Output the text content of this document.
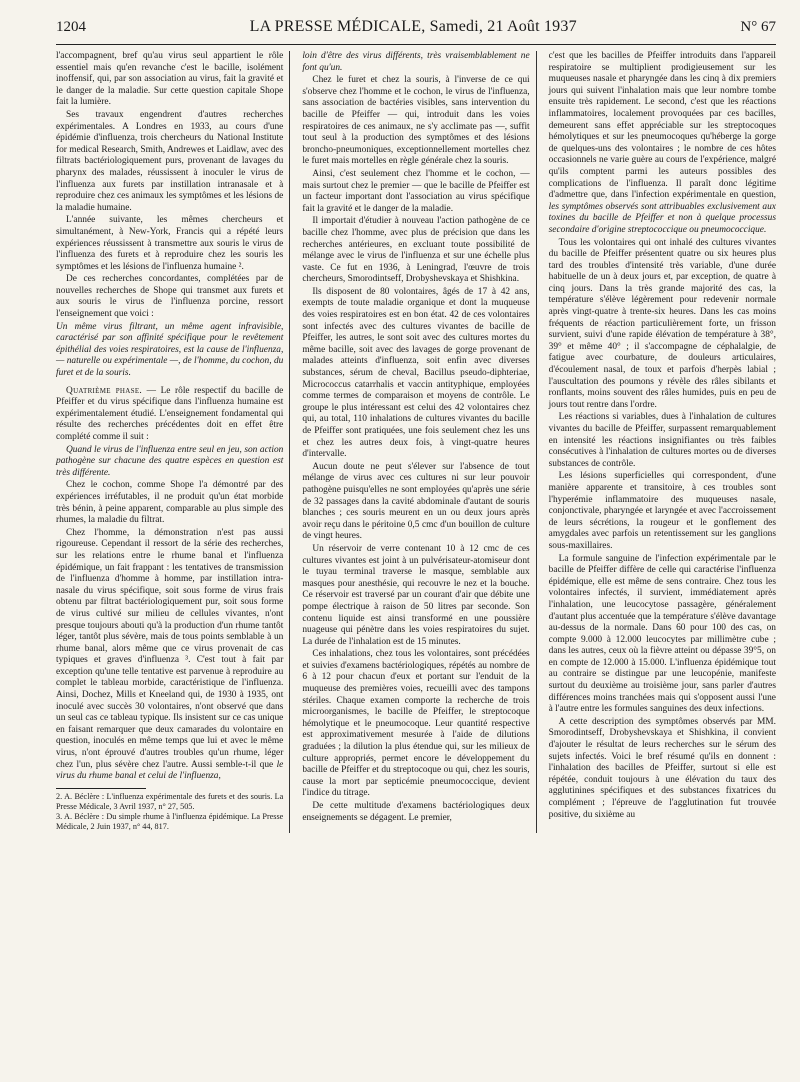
1204	LA PRESSE MÉDICALE, Samedi, 21 Août 1937	N° 67

l'accompagnent, bref qu'au virus seul appartient le rôle essentiel mais qu'en revanche c'est le bacille, isolément inoffensif, qui, par son association au virus, fait la gravité et le danger de la maladie. Sur cette question capitale Shope fait la lumière.

Ses travaux engendrent d'autres recherches expérimentales. A Londres en 1933, au cours d'une épidémie d'influenza, trois chercheurs du National Institute for medical Research, Smith, Andrewes et Laidlaw, avec des filtrats bactériologiquement purs, provenant de lavages du pharynx des malades, réussissent à inoculer le virus de l'influenza aux furets par instillation intranasale et à reproduire chez ces animaux les symptômes et les lésions de la maladie humaine.

L'année suivante, les mêmes chercheurs et simultanément, à New-York, Francis qui a répété leurs expériences réussissent à transmettre aux souris le virus de l'influenza des furets et à reproduire chez les souris les symptômes et les lésions de l'influenza humaine ².

De ces recherches concordantes, complétées par de nouvelles recherches de Shope qui transmet aux furets et aux souris le virus de l'influenza porcine, ressort l'enseignement que voici :

Un même virus filtrant, un même agent infravisible, caractérisé par son affinité spécifique pour le revêtement épithélial des voies respiratoires, est la cause de l'influenza, — naturelle ou expérimentale —, de l'homme, du cochon, du furet et de la souris.

Quatrième phase. — Le rôle respectif du bacille de Pfeiffer et du virus spécifique dans l'influenza humaine est expérimentalement étudié. L'enseignement fondamental qui résulte des recherches précédentes doit en effet être complété comme il suit :

Quand le virus de l'influenza entre seul en jeu, son action pathogène sur chacune des quatre espèces en question est très différente.

Chez le cochon, comme Shope l'a démontré par des expériences irréfutables, il ne produit qu'un état morbide très bénin, à peine apparent, comparable au plus simple des rhumes, la maladie du filtrat.

Chez l'homme, la démonstration n'est pas aussi rigoureuse. Cependant il ressort de la série des recherches, sur les relations entre le rhume banal et l'influenza épidémique, un fait frappant : les tentatives de transmission de l'influenza d'homme à homme, par instillation intra-nasale du virus spécifique, soit sous forme de virus frais obtenu par filtrat bactériologiquement pur, soit sous forme de virus cultivé sur milieu de cellules vivantes, n'ont presque toujours abouti qu'à la production d'un rhume tantôt léger, tantôt plus sévère, mais de tous points semblable à un rhume banal, alors même que ce virus provenait de cas typiques et graves d'influenza ³. C'est tout à fait par exception qu'une telle tentative est parvenue à reproduire au complet le tableau morbide, caractéristique de l'influenza. Ainsi, Dochez, Mills et Kneeland qui, de 1930 à 1935, ont inoculé avec succès 30 volontaires, n'ont observé que dans un seul cas ce tableau typique. Ils insistent sur ce cas unique en faisant remarquer que deux camarades du volontaire en question, inoculés en même temps que lui et avec le même virus, n'ont éprouvé d'autres troubles qu'un rhume, léger chez l'un, plus sévère chez l'autre. Aussi semble-t-il que le virus du rhume banal et celui de l'influenza,

2. A. Béclère : L'influenza expérimentale des furets et des souris. La Presse Médicale, 3 Avril 1937, n° 27, 505.

3. A. Béclère : Du simple rhume à l'influenza épidémique. La Presse Médicale, 2 Juin 1937, n° 44, 817.

loin d'être des virus différents, très vraisemblablement ne font qu'un.

Chez le furet et chez la souris, à l'inverse de ce qui s'observe chez l'homme et le cochon, le virus de l'influenza, sans association de bactéries visibles, sans intervention du bacille de Pfeiffer — qui, introduit dans les voies respiratoires de ces animaux, ne s'y acclimate pas —, suffit tout seul à la production des symptômes et des lésions broncho-pneumoniques, exceptionnellement mortelles chez le furet mais mortelles en règle générale chez la souris.

Ainsi, c'est seulement chez l'homme et le cochon, — mais surtout chez le premier — que le bacille de Pfeiffer est un facteur important dont l'association au virus spécifique fait la gravité et le danger de la maladie.

Il importait d'étudier à nouveau l'action pathogène de ce bacille chez l'homme, avec plus de précision que dans les recherches antérieures, en excluant toute possibilité de mélange avec le virus de l'influenza et sur une échelle plus vaste. Ce fut en 1936, à Leningrad, l'œuvre de trois chercheurs, Smorodintseff, Drobyshevskaya et Shishkina.

Ils disposent de 80 volontaires, âgés de 17 à 42 ans, exempts de toute maladie organique et dont la muqueuse des voies respiratoires est en bon état. 42 de ces volontaires sont infectés avec des cultures vivantes de bacille de Pfeiffer, les autres, le sont soit avec des cultures mortes du même bacille, soit avec des lavages de gorge provenant de malades atteints d'influenza, soit enfin avec diverses substances, sérum de cheval, Bacillus pseudo-diphteriae, Micrococcus catarrhalis et vaccin antityphique, employées comme termes de comparaison et moyens de contrôle. Le groupe le plus intéressant est celui des 42 volontaires chez qui, au total, 110 inhalations de cultures vivantes du bacille de Pfeiffer sont pratiquées, une fois seulement chez les uns et chez les autres deux fois, à vingt-quatre heures d'intervalle.

Aucun doute ne peut s'élever sur l'absence de tout mélange de virus avec ces cultures ni sur leur pouvoir pathogène puisqu'elles ne sont employées qu'après une série de 32 passages dans la cavité abdominale d'autant de souris blanches ; ces souris meurent en un ou deux jours après avoir reçu dans le péritoine 0,5 cmc d'un bouillon de culture de vingt heures.

Un réservoir de verre contenant 10 à 12 cmc de ces cultures vivantes est joint à un pulvérisateur-atomiseur dont le tuyau terminal traverse le masque, semblable aux masques pour anesthésie, qui recouvre le nez et la bouche. Ce réservoir est traversé par un courant d'air que débite une pompe électrique à raison de 50 litres par seconde. Son contenu liquide est ainsi transformé en une poussière nuageuse qui pénètre dans les voies respiratoires du sujet. La durée de l'inhalation est de 15 minutes.

Ces inhalations, chez tous les volontaires, sont précédées et suivies d'examens bactériologiques, répétés au nombre de 6 à 12 pour chacun d'eux et portant sur l'enduit de la muqueuse des premières voies, recueilli avec des tampons stériles. Chaque examen comporte la recherche de trois microorganismes, le bacille de Pfeiffer, le streptocoque hémolytique et le pneumocoque. Leur quantité respective est approximativement mesurée à l'aide de dilutions graduées ; la dilution la plus étendue qui, sur les milieux de culture appropriés, permet encore le développement du bacille de Pfeiffer et du streptocoque ou qui, chez les souris, cause la mort par septicémie pneumococcique, devient l'indice du titrage.

De cette multitude d'examens bactériologiques deux enseignements se dégagent. Le premier,

c'est que les bacilles de Pfeiffer introduits dans l'appareil respiratoire se multiplient prodigieusement sur les muqueuses nasale et pharyngée dans les cinq à dix premiers jours qui suivent l'inhalation mais que leur nombre tombe ensuite très rapidement. Le second, c'est que les réactions inflammatoires, localement provoquées par ces bacilles, demeurent sans effet appréciable sur les streptocoques hémolytiques et sur les pneumocoques qu'héberge la gorge de quelques-uns des volontaires ; le nombre de ces hôtes occasionnels ne varie guère au cours de l'expérience, malgré qu'ils comptent parmi les auteurs possibles des complications de l'influenza. Il paraît donc légitime d'admettre que, dans l'infection expérimentale en question, les symptômes observés sont attribuables exclusivement aux toxines du bacille de Pfeiffer et non à quelque processus secondaire d'origine streptococcique ou pneumococcique.

Tous les volontaires qui ont inhalé des cultures vivantes du bacille de Pfeiffer présentent quatre ou six heures plus tard des troubles d'intensité très variable, d'une durée habituelle de un à deux jours et, par exception, de quatre à cinq jours. Dans la très grande majorité des cas, la température s'élève légèrement pour redevenir normale après vingt-quatre à trente-six heures. Dans les cas moins fréquents de réaction particulièrement forte, un frisson survient, suivi d'une rapide élévation de température à 38°, 39° et même 40° ; il s'accompagne de céphalalgie, de fatigue avec courbature, de douleurs articulaires, d'écoulement nasal, de toux et parfois d'herpès labial ; l'auscultation des poumons y révèle des râles sibilants et ronflants, moins souvent des râles humides, puis en peu de jours tout rentre dans l'ordre.

Les réactions si variables, dues à l'inhalation de cultures vivantes du bacille de Pfeiffer, surpassent remarquablement en intensité les réactions insignifiantes ou très faibles consécutives à l'inhalation de cultures mortes ou de diverses substances de contrôle.

Les lésions superficielles qui correspondent, d'une manière apparente et transitoire, à ces troubles sont l'hyperémie inflammatoire des muqueuses nasale, conjonctivale, pharyngée et laryngée et avec l'accroissement de leurs sécrétions, la rougeur et le gonflement des amygdales avec parfois un retentissement sur les ganglions sous-maxillaires.

La formule sanguine de l'infection expérimentale par le bacille de Pfeiffer diffère de celle qui caractérise l'influenza épidémique, elle est même de sens contraire. Chez tous les volontaires infectés, il survient, immédiatement après l'inhalation, une leucocytose passagère, généralement d'autant plus accentuée que la température s'élève davantage au-dessus de la normale. Dans 60 pour 100 des cas, on compte 9.000 à 12.000 leucocytes par millimètre cube ; dans les autres, ceux où la fièvre atteint ou dépasse 39°5, on en compte de 12.000 à 15.000. L'influenza épidémique tout au contraire se distingue par une leucopénie, manifeste surtout du deuxième au troisième jour, sans parler d'autres différences moins tranchées mais qui s'opposent aussi l'une à l'autre entre les formules sanguines des deux infections.

A cette description des symptômes observés par MM. Smorodintseff, Drobyshevskaya et Shishkina, il convient d'ajouter le résultat de leurs recherches sur le sérum des sujets infectés. Voici le bref résumé qu'ils en donnent : l'inhalation des bacilles de Pfeiffer, surtout si elle est répétée, conduit toujours à une élévation du taux des agglutinines spécifiques et des substances fixatrices du complément ; l'épreuve de l'agglutination fut trouvée positive, du sixième au
